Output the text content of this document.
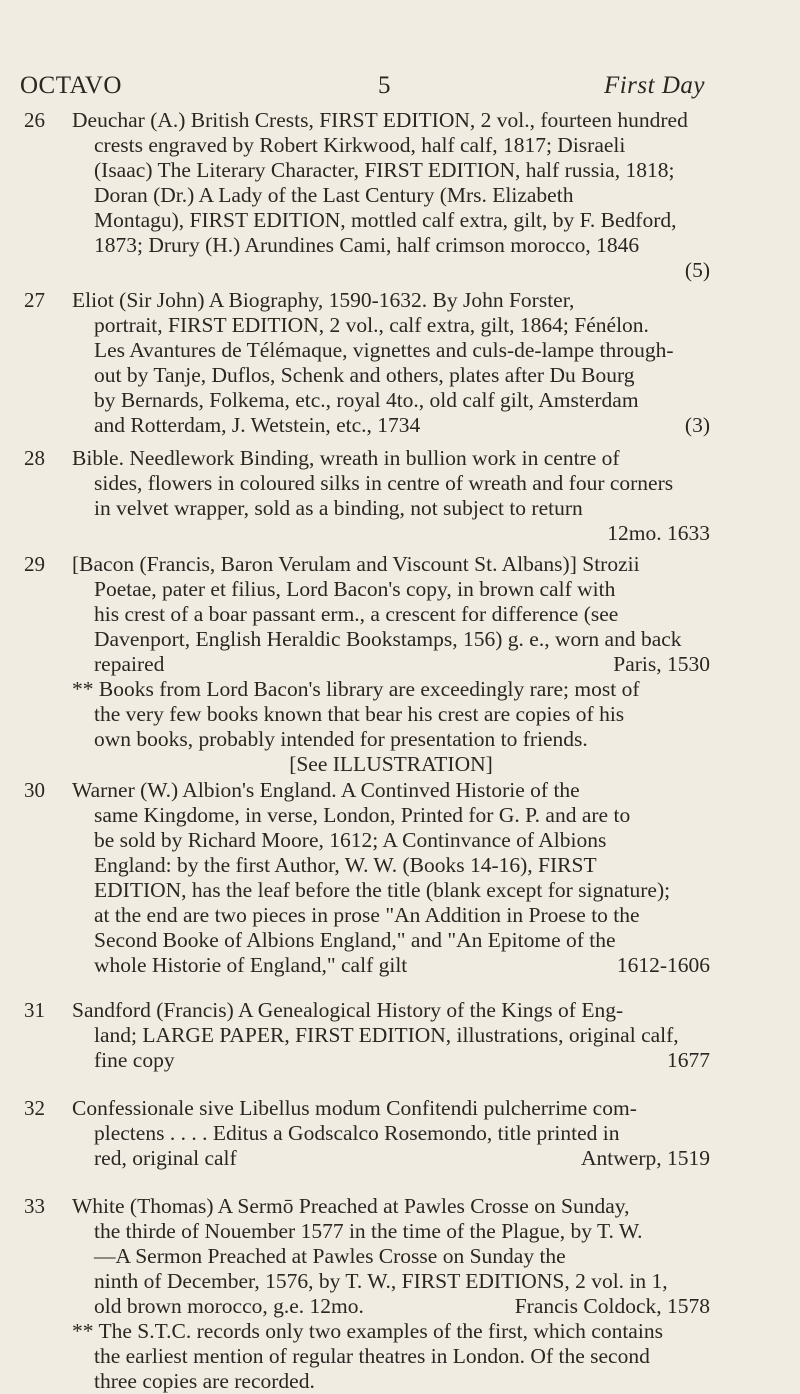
OCTAVO	5	First Day
26 Deuchar (A.) British Crests, FIRST EDITION, 2 vol., fourteen hundred
crests engraved by Robert Kirkwood, half calf, 1817; Disraeli
(Isaac) The Literary Character, FIRST EDITION, half russia, 1818;
Doran (Dr.) A Lady of the Last Century (Mrs. Elizabeth
Montagu), FIRST EDITION, mottled calf extra, gilt, by F. Bedford,
1873; Drury (H.) Arundines Cami, half crimson morocco, 1846
(5)
27 Eliot (Sir John) A Biography, 1590-1632. By John Forster,
portrait, FIRST EDITION, 2 vol., calf extra, gilt, 1864; Fénélon.
Les Avantures de Télémaque, vignettes and culs-de-lampe through-
out by Tanje, Duflos, Schenk and others, plates after Du Bourg
by Bernards, Folkema, etc., royal 4to., old calf gilt, Amsterdam
and Rotterdam, J. Wetstein, etc., 1734	(3)
28 Bible. Needlework Binding, wreath in bullion work in centre of
sides, flowers in coloured silks in centre of wreath and four corners
in velvet wrapper, sold as a binding, not subject to return
12mo. 1633
29 [Bacon (Francis, Baron Verulam and Viscount St. Albans)] Strozii
Poetae, pater et filius, Lord Bacon's copy, in brown calf with
his crest of a boar passant erm., a crescent for difference (see
Davenport, English Heraldic Bookstamps, 156) g. e., worn and back
repaired	Paris, 1530
** Books from Lord Bacon's library are exceedingly rare; most of
the very few books known that bear his crest are copies of his
own books, probably intended for presentation to friends.
[See ILLUSTRATION]
30 Warner (W.) Albion's England. A Continved Historie of the
same Kingdome, in verse, London, Printed for G. P. and are to
be sold by Richard Moore, 1612; A Continvance of Albions
England: by the first Author, W. W. (Books 14-16), FIRST
EDITION, has the leaf before the title (blank except for signature);
at the end are two pieces in prose "An Addition in Proese to the
Second Booke of Albions England," and "An Epitome of the
whole Historie of England," calf gilt	1612-1606
31 Sandford (Francis) A Genealogical History of the Kings of Eng-
land; LARGE PAPER, FIRST EDITION, illustrations, original calf,
fine copy	1677
32 Confessionale sive Libellus modum Confitendi pulcherrime com-
plectens . . . . Editus a Godscalco Rosemondo, title printed in
red, original calf	Antwerp, 1519
33 White (Thomas) A Sermō Preached at Pawles Crosse on Sunday,
the thirde of Nouember 1577 in the time of the Plague, by T. W.
—A Sermon Preached at Pawles Crosse on Sunday the
ninth of December, 1576, by T. W., FIRST EDITIONS, 2 vol. in 1,
old brown morocco, g.e. 12mo.	Francis Coldock, 1578
** The S.T.C. records only two examples of the first, which contains
the earliest mention of regular theatres in London. Of the second
three copies are recorded.
